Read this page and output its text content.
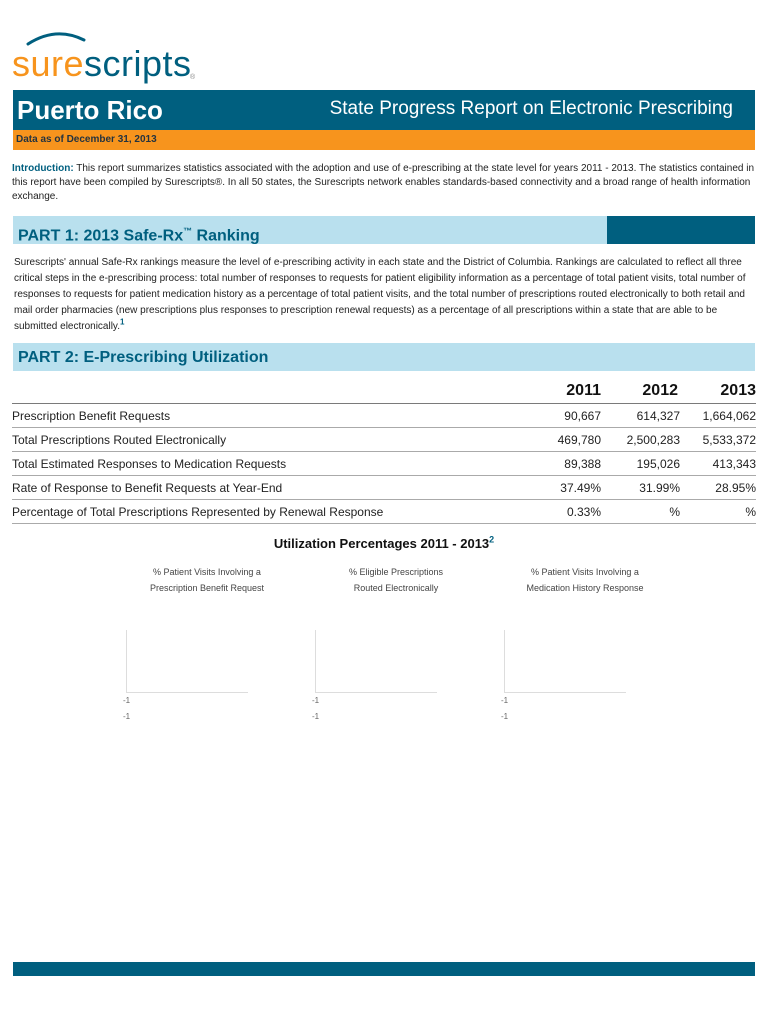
surescripts
®
Puerto Rico	State Progress Report on Electronic Prescribing
Data as of December 31, 2013
Introduction: This report summarizes statistics associated with the adoption and use of e-prescribing at the state level for years 2011 - 2013. The statistics contained in this report have been compiled by Surescripts®. In all 50 states, the Surescripts network enables standards-based connectivity and a broad range of health information exchange.
PART 1: 2013 Safe-Rx™ Ranking
Surescripts' annual Safe-Rx rankings measure the level of e-prescribing activity in each state and the District of Columbia. Rankings are calculated to reflect all three critical steps in the e-prescribing process: total number of responses to requests for patient eligibility information as a percentage of total patient visits, total number of responses to requests for patient medication history as a percentage of total patient visits, and the total number of prescriptions routed electronically to both retail and mail order pharmacies (new prescriptions plus responses to prescription renewal requests) as a percentage of all prescriptions within a state that are able to be submitted electronically.$^1$
PART 2: E-Prescribing Utilization
2011	2012	2013
Prescription Benefit Requests	90,667	614,327	1,664,062
Total Prescriptions Routed Electronically	469,780	2,500,283	5,533,372
Total Estimated Responses to Medication Requests	89,388	195,026	413,343
Rate of Response to Benefit Requests at Year-End	37.49%	31.99%	28.95%
Percentage of Total Prescriptions Represented by Renewal Response	0.33%	%	%
Utilization Percentages 2011 - 2013$^2$
% Patient Visits Involving a
Prescription Benefit Request
-1
-1
% Eligible Prescriptions
Routed Electronically
-1
-1
% Patient Visits Involving a
Medication History Response
-1
-1
